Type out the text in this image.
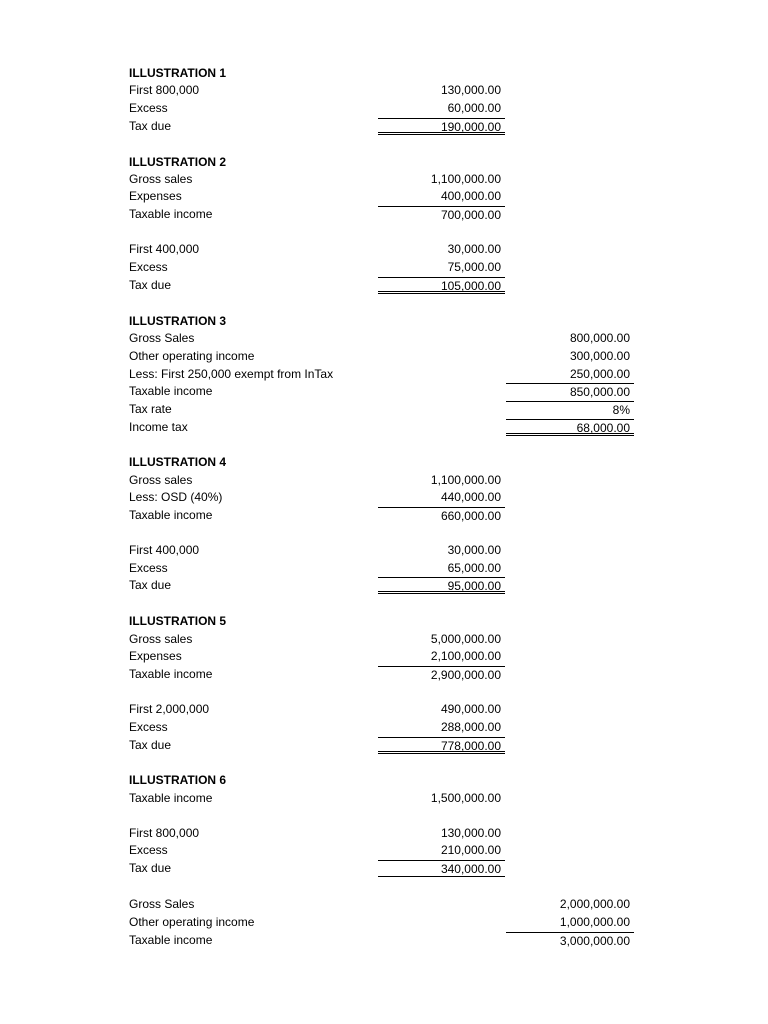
ILLUSTRATION 1
First 800,000	130,000.00
Excess	60,000.00
Tax due	190,000.00
ILLUSTRATION 2
Gross sales	1,100,000.00
Expenses	400,000.00
Taxable income	700,000.00
First 400,000	30,000.00
Excess	75,000.00
Tax due	105,000.00
ILLUSTRATION 3
Gross Sales	800,000.00
Other operating income	300,000.00
Less: First 250,000 exempt from InTax	250,000.00
Taxable income	850,000.00
Tax rate	8%
Income tax	68,000.00
ILLUSTRATION 4
Gross sales	1,100,000.00
Less: OSD (40%)	440,000.00
Taxable income	660,000.00
First 400,000	30,000.00
Excess	65,000.00
Tax due	95,000.00
ILLUSTRATION 5
Gross sales	5,000,000.00
Expenses	2,100,000.00
Taxable income	2,900,000.00
First 2,000,000	490,000.00
Excess	288,000.00
Tax due	778,000.00
ILLUSTRATION 6
Taxable income	1,500,000.00
First 800,000	130,000.00
Excess	210,000.00
Tax due	340,000.00
Gross Sales	2,000,000.00
Other operating income	1,000,000.00
Taxable income	3,000,000.00
